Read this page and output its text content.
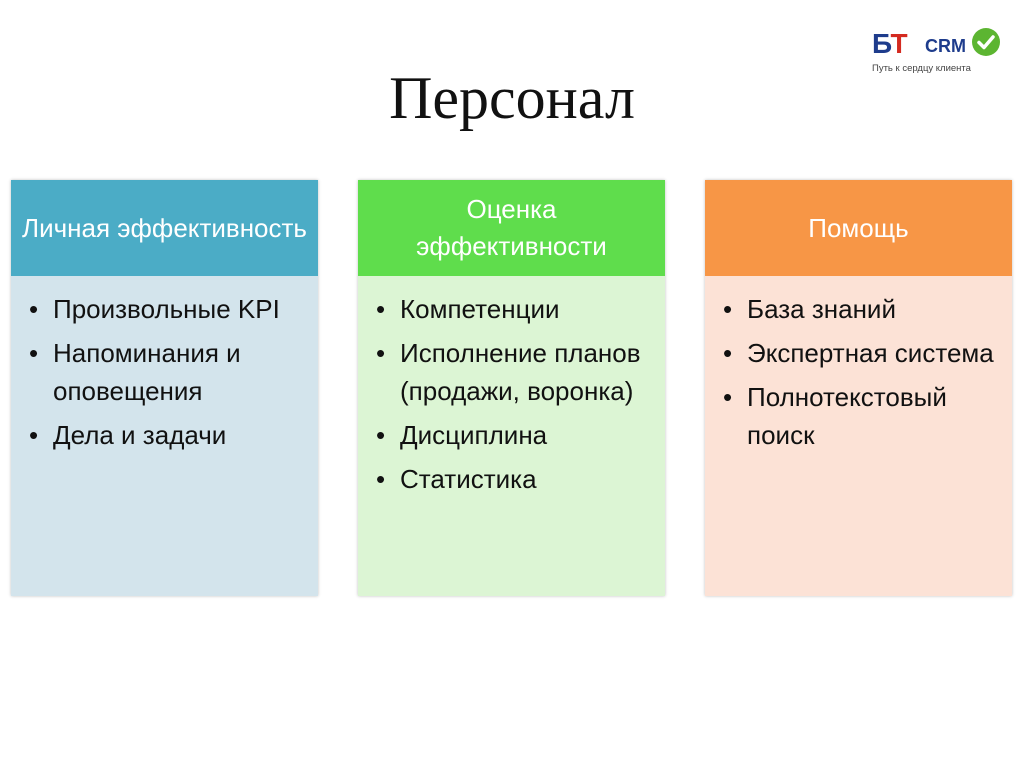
Персонал
БТ CRM
Путь к сердцу клиента
Личная эффективность
• Произвольные KPI
• Напоминания и оповещения
• Дела и задачи
Оценка эффективности
• Компетенции
• Исполнение планов (продажи, воронка)
• Дисциплина
• Статистика
Помощь
• База знаний
• Экспертная система
• Полнотекстовый поиск
